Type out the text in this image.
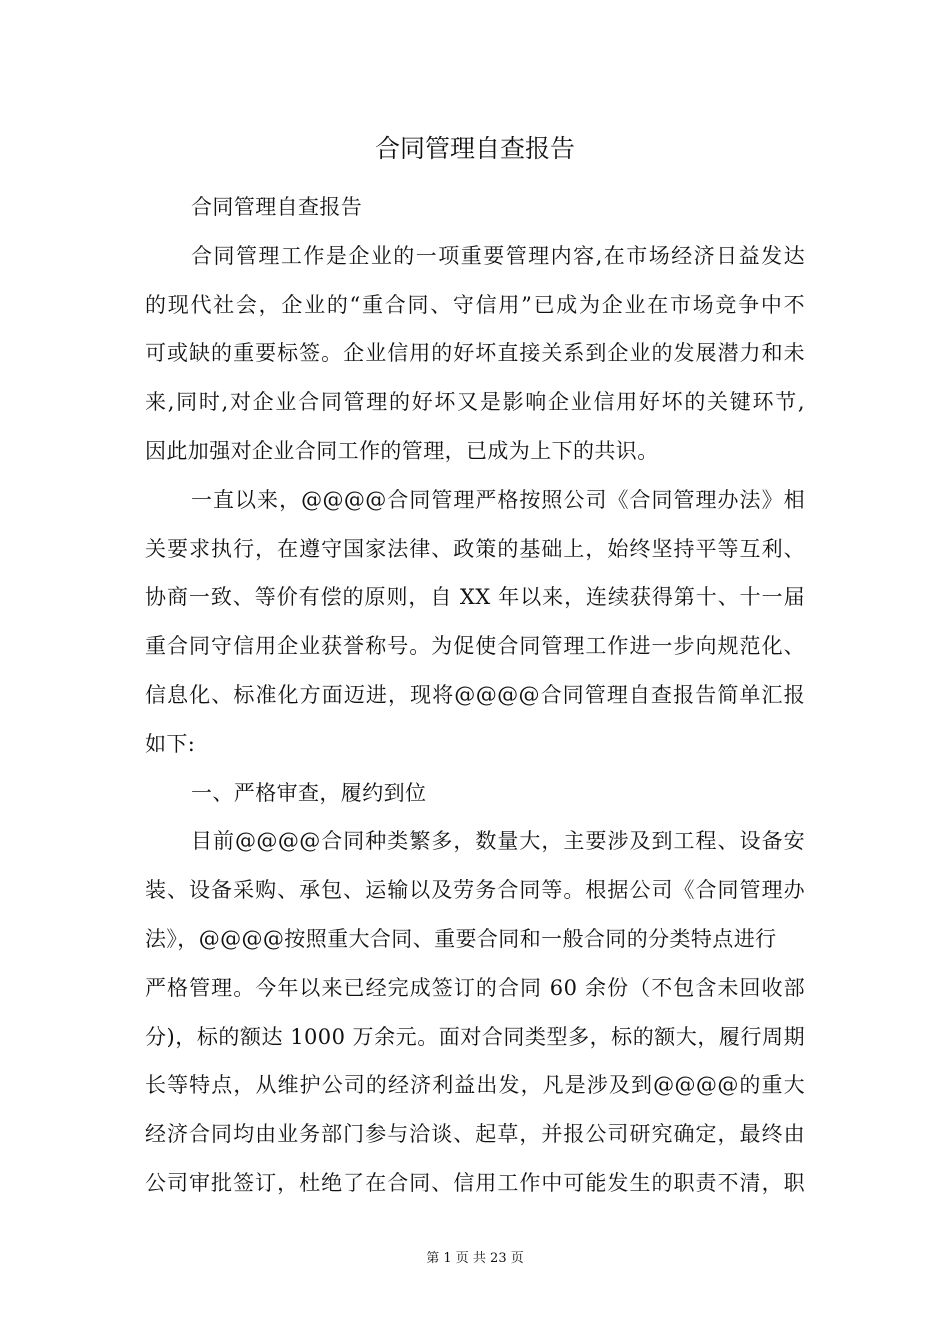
合同管理自查报告
合同管理自查报告
合同管理工作是企业的一项重要管理内容,在市场经济日益发达
的现代社会，企业的“重合同、守信用”已成为企业在市场竞争中不
可或缺的重要标签。企业信用的好坏直接关系到企业的发展潜力和未
来,同时,对企业合同管理的好坏又是影响企业信用好坏的关键环节,
因此加强对企业合同工作的管理，已成为上下的共识。
一直以来，@@@@合同管理严格按照公司《合同管理办法》相
关要求执行，在遵守国家法律、政策的基础上，始终坚持平等互利、
协商一致、等价有偿的原则，自 XX 年以来，连续获得第十、十一届
重合同守信用企业获誉称号。为促使合同管理工作进一步向规范化、
信息化、标准化方面迈进，现将@@@@合同管理自查报告简单汇报
如下:
一、严格审查，履约到位
目前@@@@合同种类繁多，数量大，主要涉及到工程、设备安
装、设备采购、承包、运输以及劳务合同等。根据公司《合同管理办
法》，@@@@按照重大合同、重要合同和一般合同的分类特点进行
严格管理。今年以来已经完成签订的合同 60 余份（不包含未回收部
分)，标的额达 1000 万余元。面对合同类型多，标的额大，履行周期
长等特点，从维护公司的经济利益出发，凡是涉及到@@@@的重大
经济合同均由业务部门参与洽谈、起草，并报公司研究确定，最终由
公司审批签订，杜绝了在合同、信用工作中可能发生的职责不清，职
第 1 页 共 23 页
